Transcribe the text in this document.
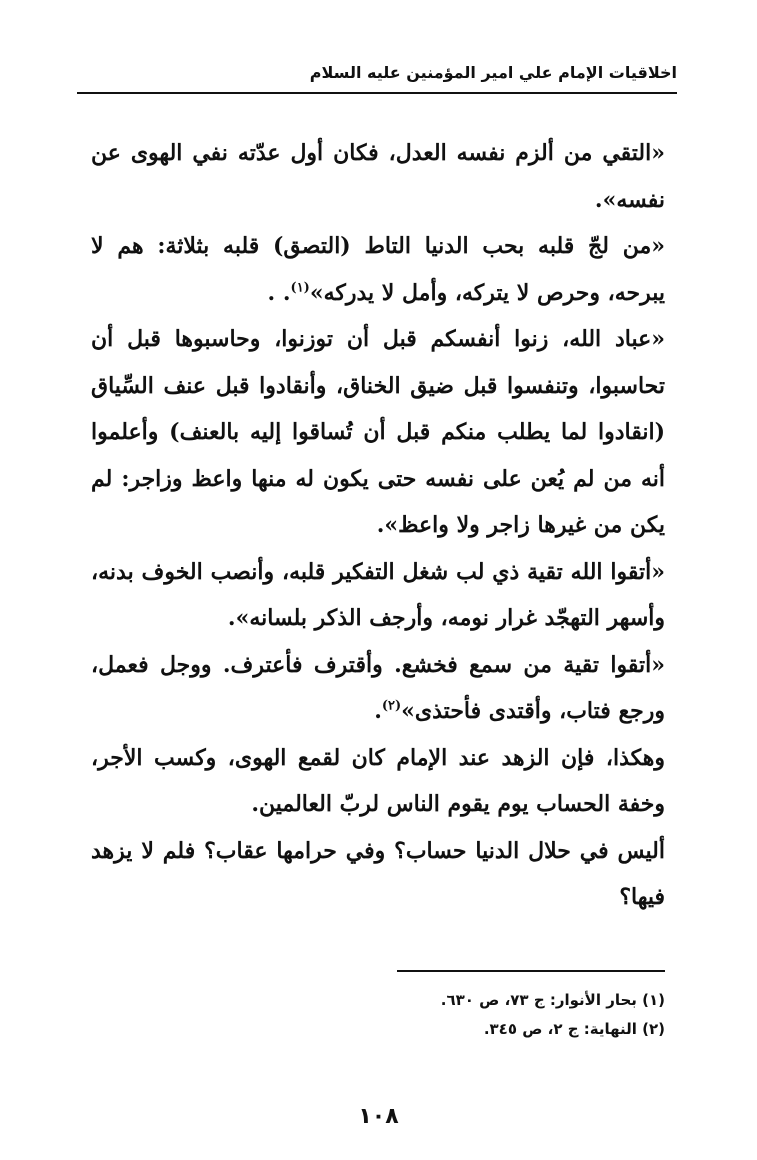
اخلاقيات الإمام علي امير المؤمنين عليه السلام

«التقي من ألزم نفسه العدل، فكان أول عدّته نفي الهوى عن نفسه».

«من لجّ قلبه بحب الدنيا التاط (التصق) قلبه بثلاثة: هم لا يبرحه، وحرص لا يتركه، وأمل لا يدركه»$^{(١)}$. .

«عباد الله، زنوا أنفسكم قبل أن توزنوا، وحاسبوها قبل أن تحاسبوا، وتنفسوا قبل ضيق الخناق، وأنقادوا قبل عنف السِّياق (انقادوا لما يطلب منكم قبل أن تُساقوا إليه بالعنف) وأعلموا أنه من لم يُعن على نفسه حتى يكون له منها واعظ وزاجر: لم يكن من غيرها زاجر ولا واعظ».

«أتقوا الله تقية ذي لب شغل التفكير قلبه، وأنصب الخوف بدنه، وأسهر التهجّد غرار نومه، وأرجف الذكر بلسانه».

«أتقوا تقية من سمع فخشع. وأقترف فأعترف. ووجل فعمل، ورجع فتاب، وأقتدى فأحتذى»$^{(٢)}$.

وهكذا، فإن الزهد عند الإمام كان لقمع الهوى، وكسب الأجر، وخفة الحساب يوم يقوم الناس لربّ العالمين.

أليس في حلال الدنيا حساب؟ وفي حرامها عقاب؟ فلم لا يزهد فيها؟

(١) بحار الأنوار: ج ٧٣، ص ٦٣٠.

(٢) النهاية: ج ٢، ص ٣٤٥.

١٠٨
